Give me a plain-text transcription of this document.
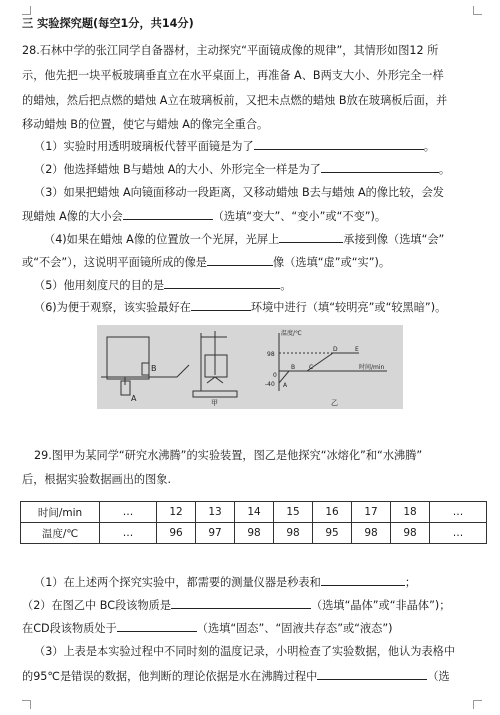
三 实验探究题(每空1分，共14分)
28.石林中学的张江同学自备器材，主动探究“平面镜成像的规律”，其情形如图12 所
示，他先把一块平板玻璃垂直立在水平桌面上，再准备 A、B两支大小、外形完全一样
的蜡烛，然后把点燃的蜡烛 A立在玻璃板前，又把未点燃的蜡烛 B放在玻璃板后面，并
移动蜡烛 B的位置，使它与蜡烛 A的像完全重合。
（1）实验时用透明玻璃板代替平面镜是为了	。
（2）他选择蜡烛 B与蜡烛 A的大小、外形完全一样是为了	。
（3）如果把蜡烛 A向镜面移动一段距离，又移动蜡烛 B去与蜡烛 A的像比较，会发
现蜡烛 A像的大小会	（选填“变大”、“变小”或“不变”)。
（4)如果在蜡烛 A像的位置放一个光屏，光屏上	承接到像（选填“会”
或“不会”），这说明平面镜所成的像是	像（选填“虚”或“实”)。
（5）他用刻度尺的目的是	。
（6)为便于观察，该实验最好在	环境中进行（填“较明亮”或“较黑暗”)。
A
B
甲
温度/℃
时间/min
98
-40
0
A
B C
D	E
乙
29.图甲为某同学“研究水沸腾”的实验装置，图乙是他探究“冰熔化”和“水沸腾”
后，根据实验数据画出的图象.
时间/min	…	12	13	14	15	16	17	18	…
温度/℃	…	96	97	98	98	95	98	98	…
（1）在上述两个探究实验中，都需要的测量仪器是秒表和	；
（2）在图乙中 BC段该物质是	（选填“晶体”或“非晶体”)；
在CD段该物质处于	（选填“固态”、“固液共存态”或“液态”)
（3）上表是本实验过程中不同时刻的温度记录，小明检查了实验数据，他认为表格中
的95℃是错误的数据，他判断的理论依据是水在沸腾过程中	（选
